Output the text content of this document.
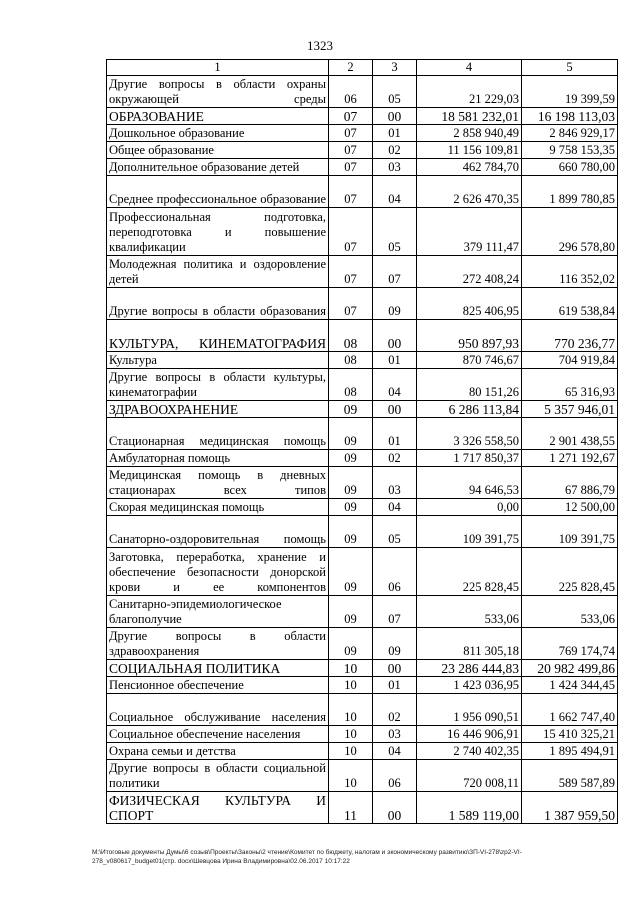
1323
1	2	3	4	5
Другие вопросы в области охраны окружающей среды	06	05	21 229,03	19 399,59
ОБРАЗОВАНИЕ	07	00	18 581 232,01	16 198 113,03
Дошкольное образование	07	01	2 858 940,49	2 846 929,17
Общее образование	07	02	11 156 109,81	9 758 153,35
Дополнительное образование детей	07	03	462 784,70	660 780,00
Среднее профессиональное образование	07	04	2 626 470,35	1 899 780,85
Профессиональная подготовка, переподготовка и повышение квалификации	07	05	379 111,47	296 578,80
Молодежная политика и оздоровление детей	07	07	272 408,24	116 352,02
Другие вопросы в области образования	07	09	825 406,95	619 538,84
КУЛЬТУРА, КИНЕМАТОГРАФИЯ	08	00	950 897,93	770 236,77
Культура	08	01	870 746,67	704 919,84
Другие вопросы в области культуры, кинематографии	08	04	80 151,26	65 316,93
ЗДРАВООХРАНЕНИЕ	09	00	6 286 113,84	5 357 946,01
Стационарная медицинская помощь	09	01	3 326 558,50	2 901 438,55
Амбулаторная помощь	09	02	1 717 850,37	1 271 192,67
Медицинская помощь в дневных стационарах всех типов	09	03	94 646,53	67 886,79
Скорая медицинская помощь	09	04	0,00	12 500,00
Санаторно-оздоровительная помощь	09	05	109 391,75	109 391,75
Заготовка, переработка, хранение и обеспечение безопасности донорской крови и ее компонентов	09	06	225 828,45	225 828,45
Санитарно-эпидемиологическое благополучие	09	07	533,06	533,06
Другие вопросы в области здравоохранения	09	09	811 305,18	769 174,74
СОЦИАЛЬНАЯ ПОЛИТИКА	10	00	23 286 444,83	20 982 499,86
Пенсионное обеспечение	10	01	1 423 036,95	1 424 344,45
Социальное обслуживание населения	10	02	1 956 090,51	1 662 747,40
Социальное обеспечение населения	10	03	16 446 906,91	15 410 325,21
Охрана семьи и детства	10	04	2 740 402,35	1 895 494,91
Другие вопросы в области социальной политики	10	06	720 008,11	589 587,89
ФИЗИЧЕСКАЯ КУЛЬТУРА И СПОРТ	11	00	1 589 119,00	1 387 959,50
М:\Итоговые документы Думы\6 созыв\Проекты\Законы\2 чтение\Комитет по бюджету, налогам и экономическому развитию\ЗП-VI-278\zp2-VI-
278_v080617_budget01(стр. docx\Шевцова Ирина Владимировна\02.06.2017 10:17:22
